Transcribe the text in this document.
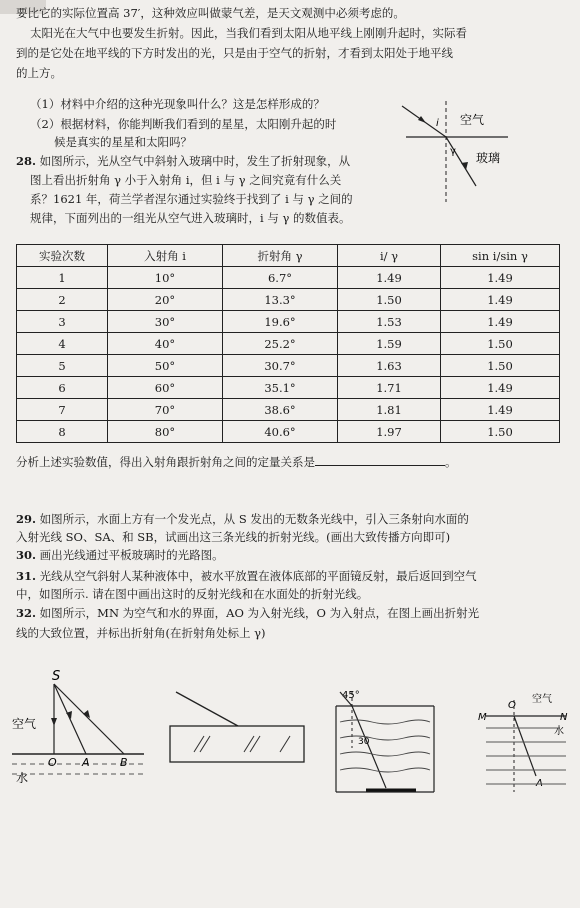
要比它的实际位置高 37′，这种效应叫做蒙气差，是天文观测中必须考虑的。
太阳光在大气中也要发生折射。因此，当我们看到太阳从地平线上刚刚升起时，实际看
到的是它处在地平线的下方时发出的光，只是由于空气的折射，才看到太阳处于地平线
的上方。
（1）材料中介绍的这种光现象叫什么？这是怎样形成的？
（2）根据材料，你能判断我们看到的星星，太阳刚升起的时
候是真实的星星和太阳吗？
i
γ
空气
玻璃
28. 如图所示，光从空气中斜射入玻璃中时，发生了折射现象，从
图上看出折射角 γ 小于入射角 i，但 i 与 γ 之间究竟有什么关
系？1621 年，荷兰学者涅尔通过实验终于找到了 i 与 γ 之间的
规律，下面列出的一组光从空气进入玻璃时，i 与 γ 的数值表。
实验次数	入射角 i	折射角 γ	i/ γ	sin i/sin γ
1	10°	6.7°	1.49	1.49
2	20°	13.3°	1.50	1.49
3	30°	19.6°	1.53	1.49
4	40°	25.2°	1.59	1.50
5	50°	30.7°	1.63	1.50
6	60°	35.1°	1.71	1.49
7	70°	38.6°	1.81	1.49
8	80°	40.6°	1.97	1.50
分析上述实验数值，得出入射角跟折射角之间的定量关系是	。
29. 如图所示，水面上方有一个发光点，从 S 发出的无数条光线中，引入三条射向水面的
入射光线 SO、SA、和 SB，试画出这三条光线的折射光线。(画出大致传播方向即可)
30. 画出光线通过平板玻璃时的光路图。
31. 光线从空气斜射人某种液体中，被水平放置在液体底部的平面镜反射，最后返回到空气
中，如图所示. 请在图中画出这时的反射光线和在水面处的折射光线。
32. 如图所示，MN 为空气和水的界面，AO 为入射光线，O 为入射点，在图上画出折射光
线的大致位置，并标出折射角(在折射角处标上 γ)
S
空气
O A	B
水
45°
30
空气
M	N
O
A
水
